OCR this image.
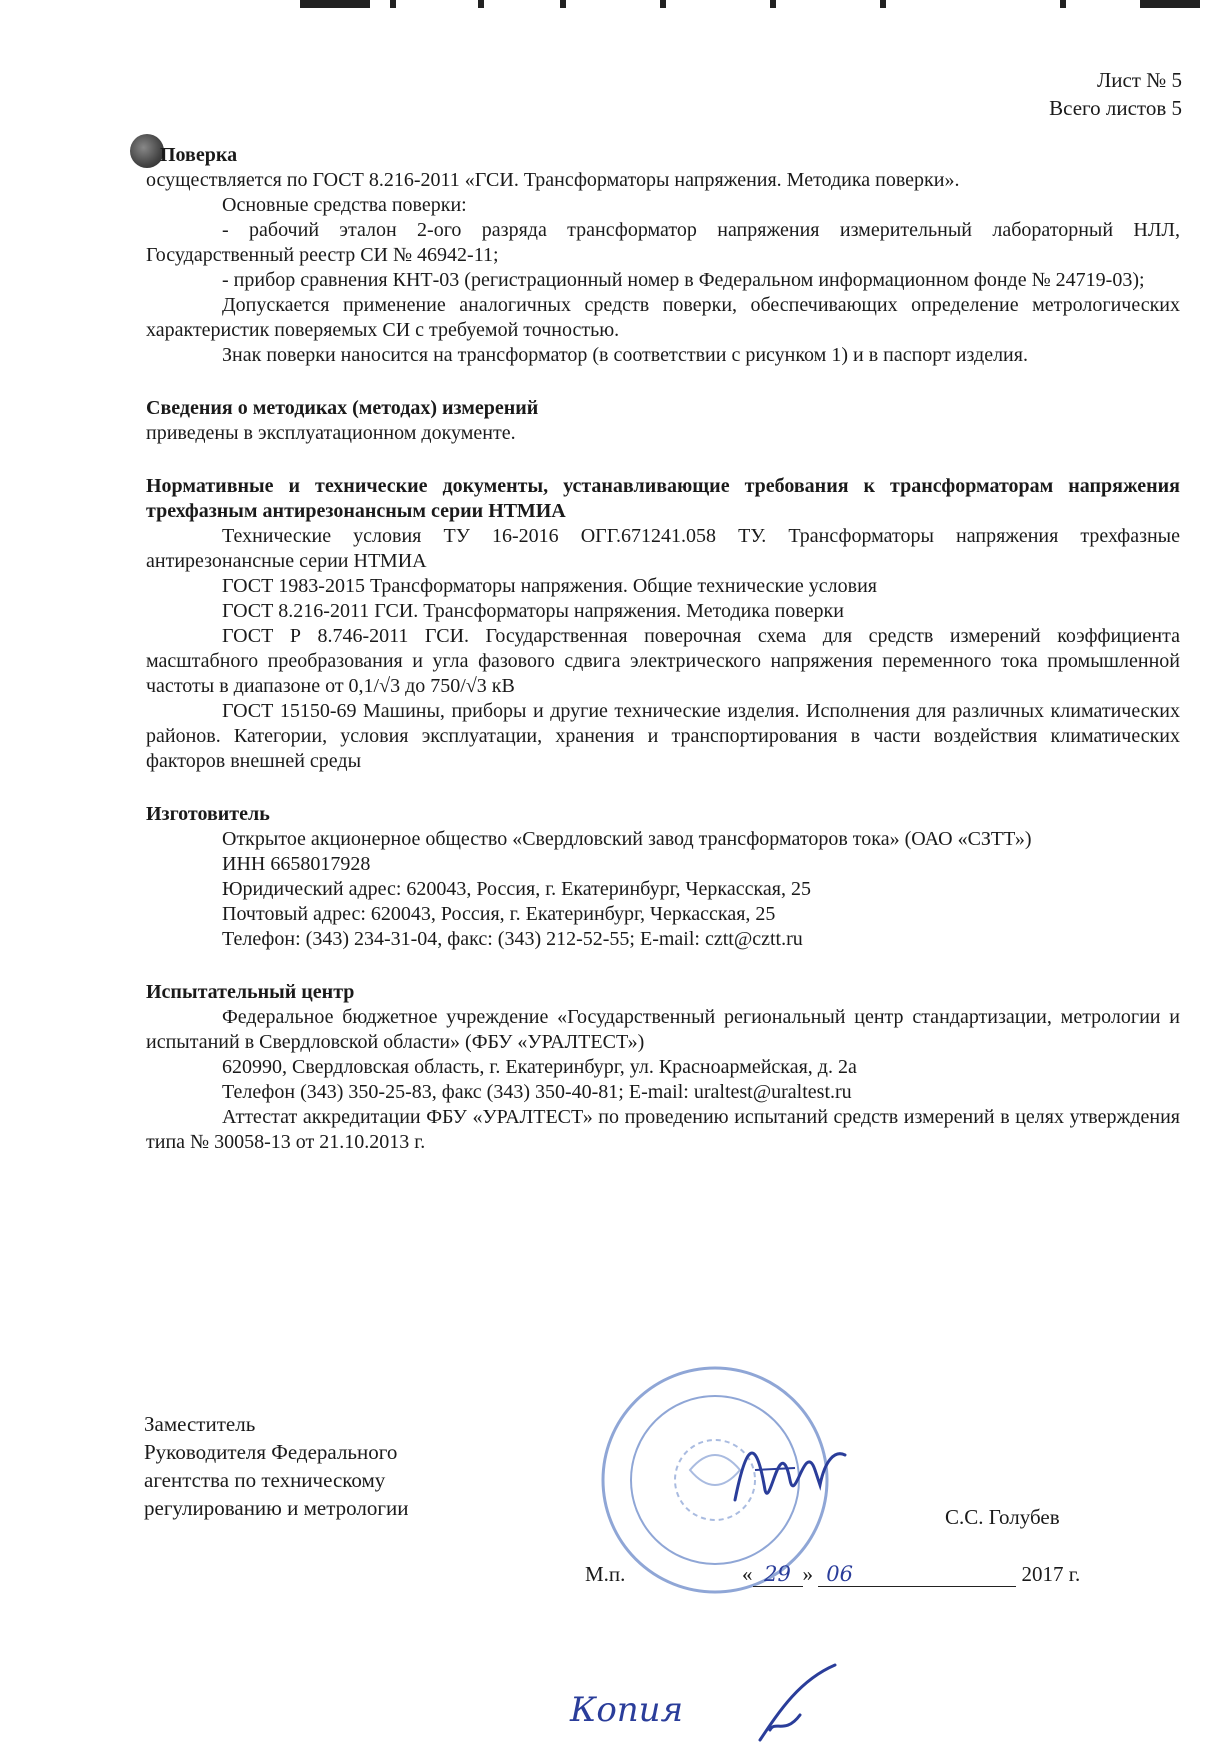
Лист № 5
Всего листов 5

Поверка

осуществляется по ГОСТ 8.216-2011 «ГСИ. Трансформаторы напряжения. Методика поверки».

Основные средства поверки:

- рабочий эталон 2-ого разряда трансформатор напряжения измерительный лабораторный НЛЛ, Государственный реестр СИ № 46942-11;

- прибор сравнения КНТ-03 (регистрационный номер в Федеральном информационном фонде № 24719-03);

Допускается применение аналогичных средств поверки, обеспечивающих определение метрологических характеристик поверяемых СИ с требуемой точностью.

Знак поверки наносится на трансформатор (в соответствии с рисунком 1) и в паспорт изделия.

Сведения о методиках (методах) измерений

приведены в эксплуатационном документе.

Нормативные и технические документы, устанавливающие требования к трансформаторам напряжения трехфазным антирезонансным серии НТМИА

Технические условия ТУ 16-2016 ОГГ.671241.058 ТУ. Трансформаторы напряжения трехфазные антирезонансные серии НТМИА

ГОСТ 1983-2015 Трансформаторы напряжения. Общие технические условия

ГОСТ 8.216-2011 ГСИ. Трансформаторы напряжения. Методика поверки

ГОСТ Р 8.746-2011 ГСИ. Государственная поверочная схема для средств измерений коэффициента масштабного преобразования и угла фазового сдвига электрического напряжения переменного тока промышленной частоты в диапазоне от 0,1/√3 до 750/√3 кВ

ГОСТ 15150-69 Машины, приборы и другие технические изделия. Исполнения для различных климатических районов. Категории, условия эксплуатации, хранения и транспортирования в части воздействия климатических факторов внешней среды

Изготовитель

Открытое акционерное общество «Свердловский завод трансформаторов тока» (ОАО «СЗТТ»)

ИНН 6658017928

Юридический адрес: 620043, Россия, г. Екатеринбург, Черкасская, 25

Почтовый адрес: 620043, Россия, г. Екатеринбург, Черкасская, 25

Телефон: (343) 234-31-04, факс: (343) 212-52-55; E-mail: cztt@cztt.ru

Испытательный центр

Федеральное бюджетное учреждение «Государственный региональный центр стандартизации, метрологии и испытаний в Свердловской области» (ФБУ «УРАЛТЕСТ»)

620990, Свердловская область, г. Екатеринбург, ул. Красноармейская, д. 2а

Телефон (343) 350-25-83, факс (343) 350-40-81; E-mail: uraltest@uraltest.ru

Аттестат аккредитации ФБУ «УРАЛТЕСТ» по проведению испытаний средств измерений в целях утверждения типа № 30058-13 от 21.10.2013 г.

Заместитель
Руководителя Федерального
агентства по техническому
регулированию и метрологии	С.С. Голубев
М.п.	« 29 » 06	2017 г.
Копия
